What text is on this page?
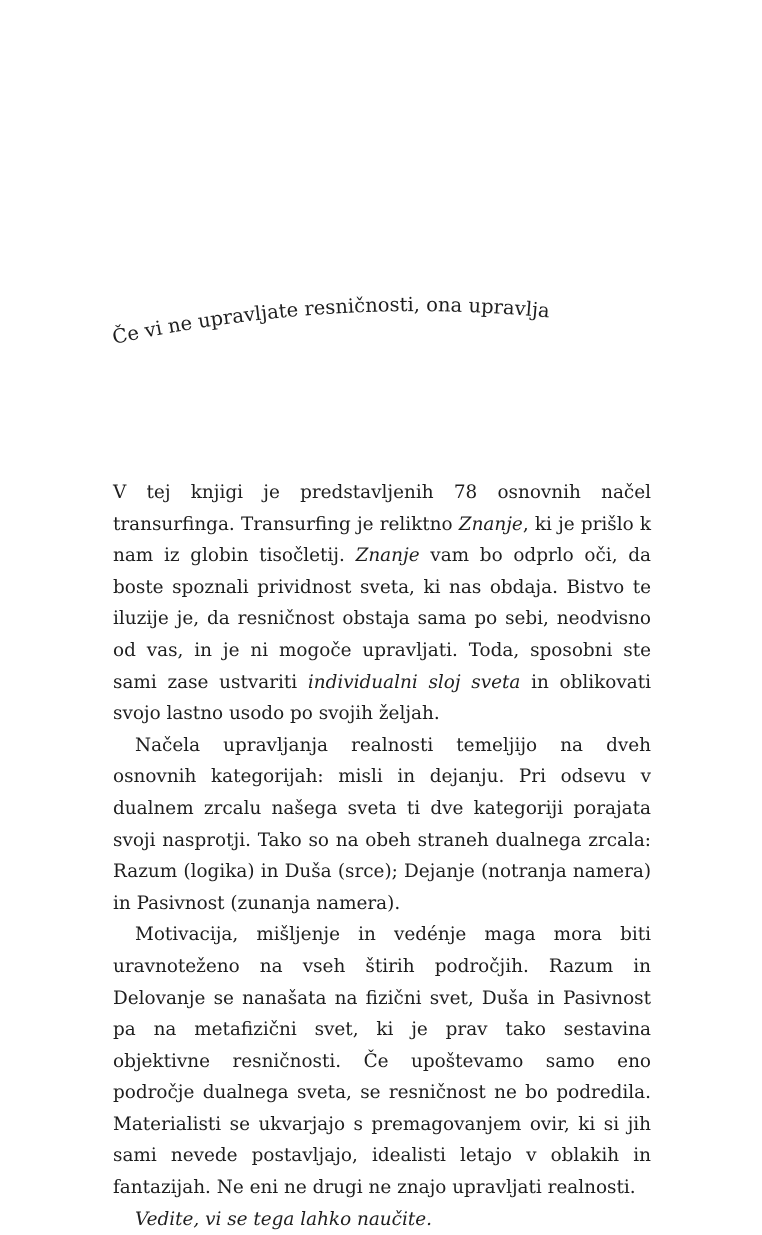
Če vi ne upravljate resničnosti, ona upravlja vas.

V tej knjigi je predstavljenih 78 osnovnih načel transurfinga. Transurfing je reliktno Znanje, ki je prišlo k nam iz globin tisočletij. Znanje vam bo odprlo oči, da boste spoznali prividnost sveta, ki nas obdaja. Bistvo te iluzije je, da resničnost obstaja sama po sebi, neodvisno od vas, in je ni mogoče upravljati. Toda, sposobni ste sami zase ustvariti individualni sloj sveta in oblikovati svojo lastno usodo po svojih željah.

Načela upravljanja realnosti temeljijo na dveh osnovnih kategorijah: misli in dejanju. Pri odsevu v dualnem zrcalu našega sveta ti dve kategoriji porajata svoji nasprotji. Tako so na obeh straneh dualnega zrcala: Razum (logika) in Duša (srce); Dejanje (notranja namera) in Pasivnost (zunanja namera).

Motivacija, mišljenje in vedénje maga mora biti uravnoteženo na vseh štirih področjih. Razum in Delovanje se nanašata na fizični svet, Duša in Pasivnost pa na metafizični svet, ki je prav tako sestavina objektivne resničnosti. Če upoštevamo samo eno področje dualnega sveta, se resničnost ne bo podredila. Materialisti se ukvarjajo s premagovanjem ovir, ki si jih sami nevede postavljajo, idealisti letajo v oblakih in fantazijah. Ne eni ne drugi ne znajo upravljati realnosti.

Vedite, vi se tega lahko naučite.
